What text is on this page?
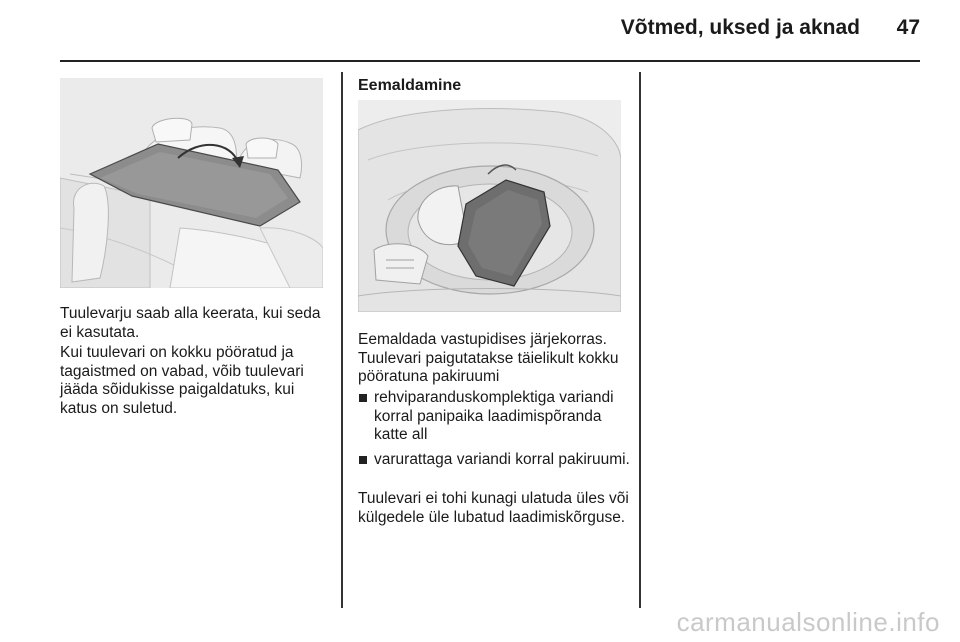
Võtmed, uksed ja aknad	47

Tuulevarju saab alla keerata, kui seda ei kasutata.

Kui tuulevari on kokku pööratud ja tagaistmed on vabad, võib tuulevari jääda sõidukisse paigaldatuks, kui katus on suletud.

Eemaldamine

Eemaldada vastupidises järjekorras. Tuulevari paigutatakse täielikult kokku pööratuna pakiruumi

rehviparanduskomplektiga variandi korral panipaika laadimispõranda katte all
varurattaga variandi korral pakiruumi.

Tuulevari ei tohi kunagi ulatuda üles või külgedele üle lubatud laadimiskõrguse.

carmanualsonline.info
